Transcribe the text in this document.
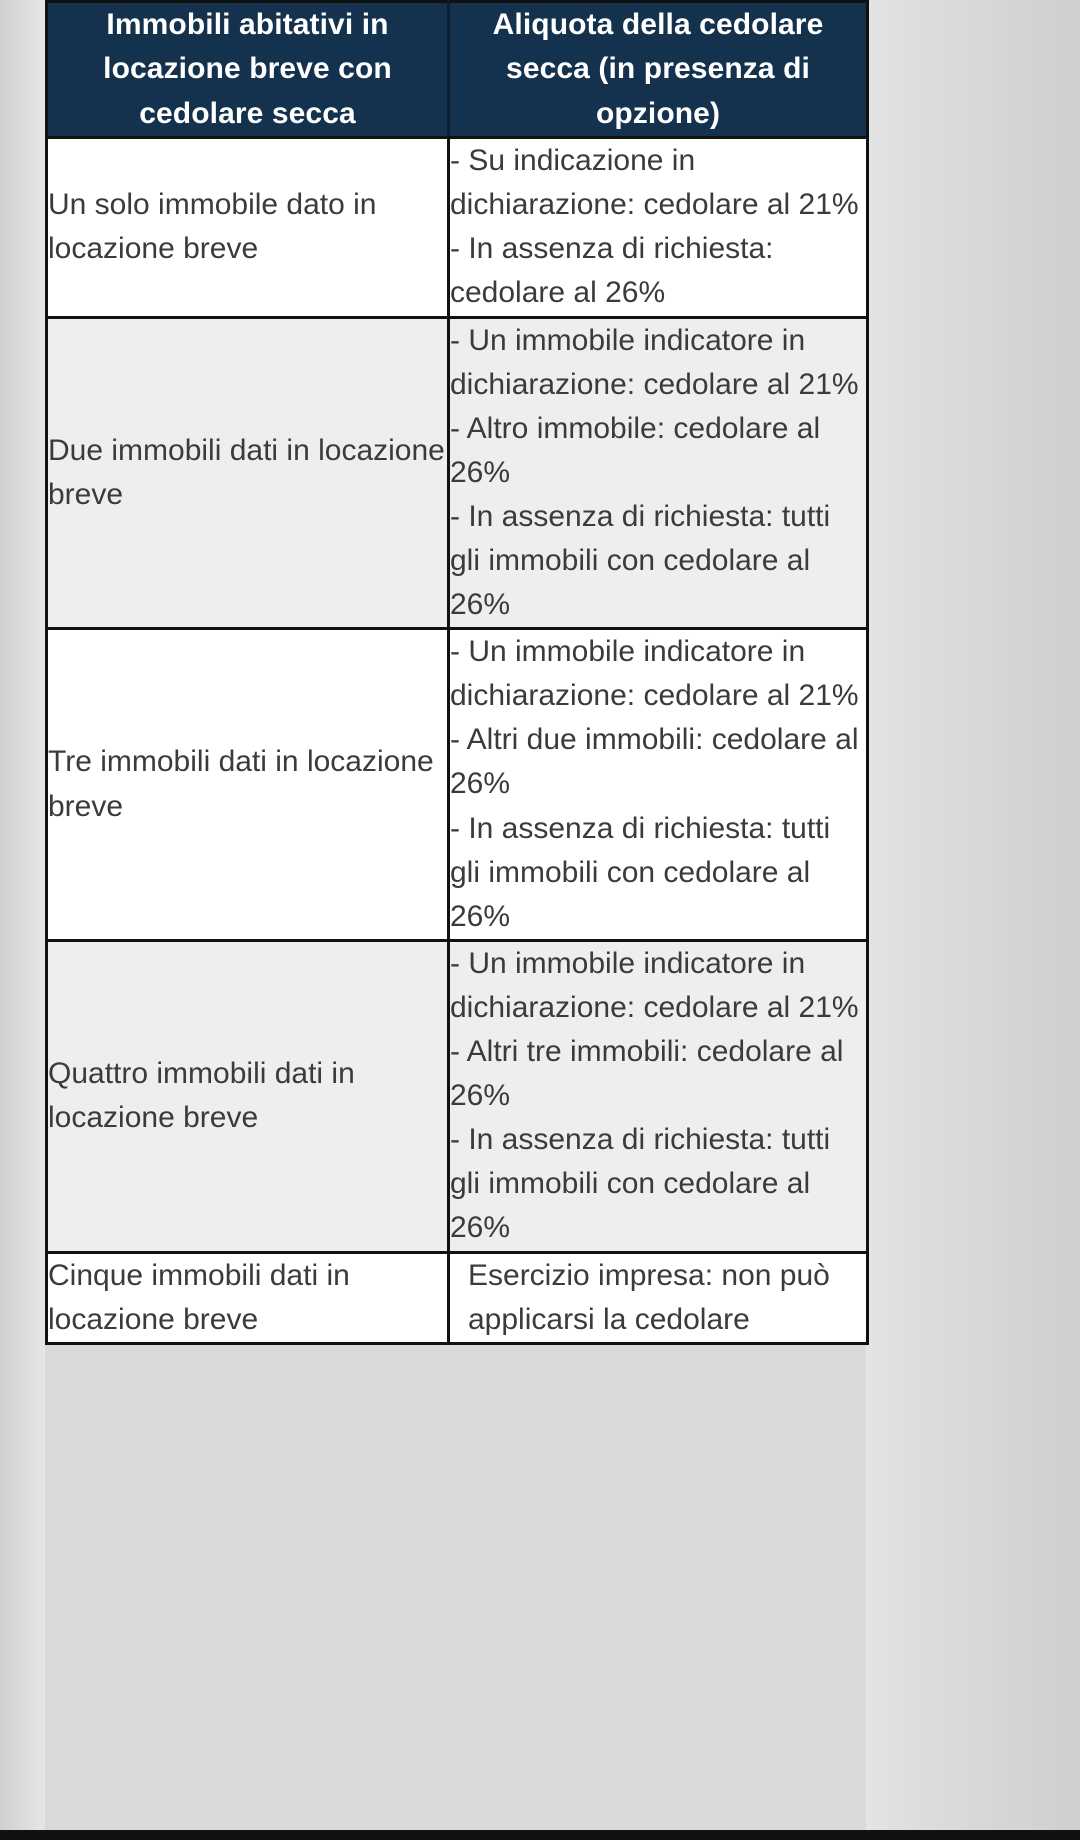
Immobili abitativi in locazione breve con cedolare secca	Aliquota della cedolare secca (in presenza di opzione)
Un solo immobile dato in locazione breve	- Su indicazione in dichiarazione: cedolare al 21%
- In assenza di richiesta: cedolare al 26%

Due immobili dati in locazione breve	- Un immobile indicatore in dichiarazione: cedolare al 21%
- Altro immobile: cedolare al 26%
- In assenza di richiesta: tutti gli immobili con cedolare al 26%

Tre immobili dati in locazione breve	- Un immobile indicatore in dichiarazione: cedolare al 21%
- Altri due immobili: cedolare al 26%
- In assenza di richiesta: tutti gli immobili con cedolare al 26%

Quattro immobili dati in locazione breve	- Un immobile indicatore in dichiarazione: cedolare al 21%
- Altri tre immobili: cedolare al 26%
- In assenza di richiesta: tutti gli immobili con cedolare al 26%

Cinque immobili dati in locazione breve	Esercizio impresa: non può applicarsi la cedolare
